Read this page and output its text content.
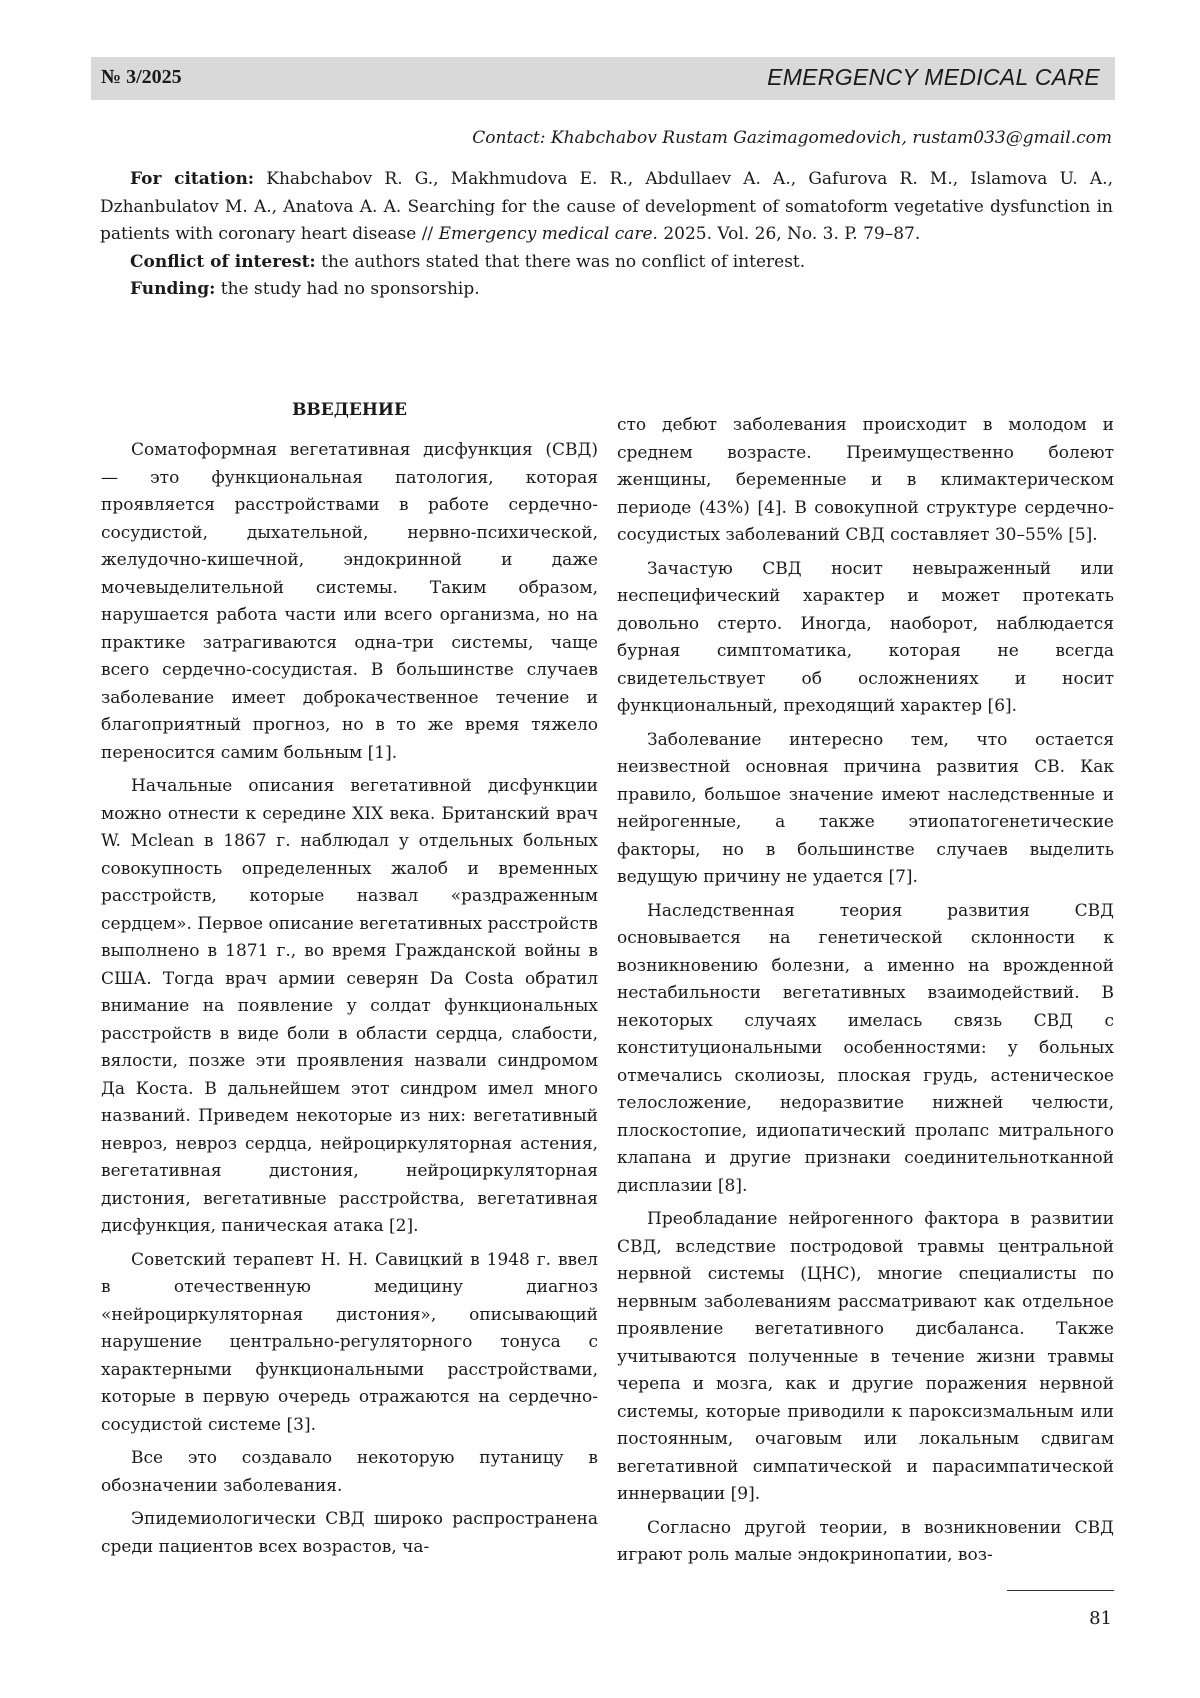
№ 3/2025	EMERGENCY MEDICAL CARE
Contact: Khabchabov Rustam Gazimagomedovich, rustam033@gmail.com

For citation: Khabchabov R. G., Makhmudova E. R., Abdullaev A. A., Gafurova R. M., Islamova U. A., Dzhanbulatov M. A., Anatova A. A. Searching for the cause of development of somatoform vegetative dysfunction in patients with coronary heart disease // Emergency medical care. 2025. Vol. 26, No. 3. P. 79–87.

Conflict of interest: the authors stated that there was no conflict of interest.

Funding: the study had no sponsorship.

ВВЕДЕНИЕ

Соматоформная вегетативная дисфункция (СВД) — это функциональная патология, которая проявляется расстройствами в работе сердечно-сосудистой, дыхательной, нервно-психической, желудочно-кишечной, эндокринной и даже мочевыделительной системы. Таким образом, нарушается работа части или всего организма, но на практике затрагиваются одна-три системы, чаще всего сердечно-сосудистая. В большинстве случаев заболевание имеет доброкачественное течение и благоприятный прогноз, но в то же время тяжело переносится самим больным [1].

Начальные описания вегетативной дисфункции можно отнести к середине XIX века. Британский врач W. Mclean в 1867 г. наблюдал у отдельных больных совокупность определенных жалоб и временных расстройств, которые назвал «раздраженным сердцем». Первое описание вегетативных расстройств выполнено в 1871 г., во время Гражданской войны в США. Тогда врач армии северян Da Costa обратил внимание на появление у солдат функциональных расстройств в виде боли в области сердца, слабости, вялости, позже эти проявления назвали синдромом Да Коста. В дальнейшем этот синдром имел много названий. Приведем некоторые из них: вегетативный невроз, невроз сердца, нейроциркуляторная астения, вегетативная дистония, нейроциркуляторная дистония, вегетативные расстройства, вегетативная дисфункция, паническая атака [2].

Советский терапевт Н. Н. Савицкий в 1948 г. ввел в отечественную медицину диагноз «нейроциркуляторная дистония», описывающий нарушение центрально-регуляторного тонуса с характерными функциональными расстройствами, которые в первую очередь отражаются на сердечно-сосудистой системе [3].

Все это создавало некоторую путаницу в обозначении заболевания.

Эпидемиологически СВД широко распространена среди пациентов всех возрастов, ча-

сто дебют заболевания происходит в молодом и среднем возрасте. Преимущественно болеют женщины, беременные и в климактерическом периоде (43%) [4]. В совокупной структуре сердечно-сосудистых заболеваний СВД составляет 30–55% [5].

Зачастую СВД носит невыраженный или неспецифический характер и может протекать довольно стерто. Иногда, наоборот, наблюдается бурная симптоматика, которая не всегда свидетельствует об осложнениях и носит функциональный, преходящий характер [6].

Заболевание интересно тем, что остается неизвестной основная причина развития СВ. Как правило, большое значение имеют наследственные и нейрогенные, а также этиопатогенетические факторы, но в большинстве случаев выделить ведущую причину не удается [7].

Наследственная теория развития СВД основывается на генетической склонности к возникновению болезни, а именно на врожденной нестабильности вегетативных взаимодействий. В некоторых случаях имелась связь СВД с конституциональными особенностями: у больных отмечались сколиозы, плоская грудь, астеническое телосложение, недоразвитие нижней челюсти, плоскостопие, идиопатический пролапс митрального клапана и другие признаки соединительнотканной дисплазии [8].

Преобладание нейрогенного фактора в развитии СВД, вследствие постродовой травмы центральной нервной системы (ЦНС), многие специалисты по нервным заболеваниям рассматривают как отдельное проявление вегетативного дисбаланса. Также учитываются полученные в течение жизни травмы черепа и мозга, как и другие поражения нервной системы, которые приводили к пароксизмальным или постоянным, очаговым или локальным сдвигам вегетативной симпатической и парасимпатической иннервации [9].

Согласно другой теории, в возникновении СВД играют роль малые эндокринопатии, воз-

81
